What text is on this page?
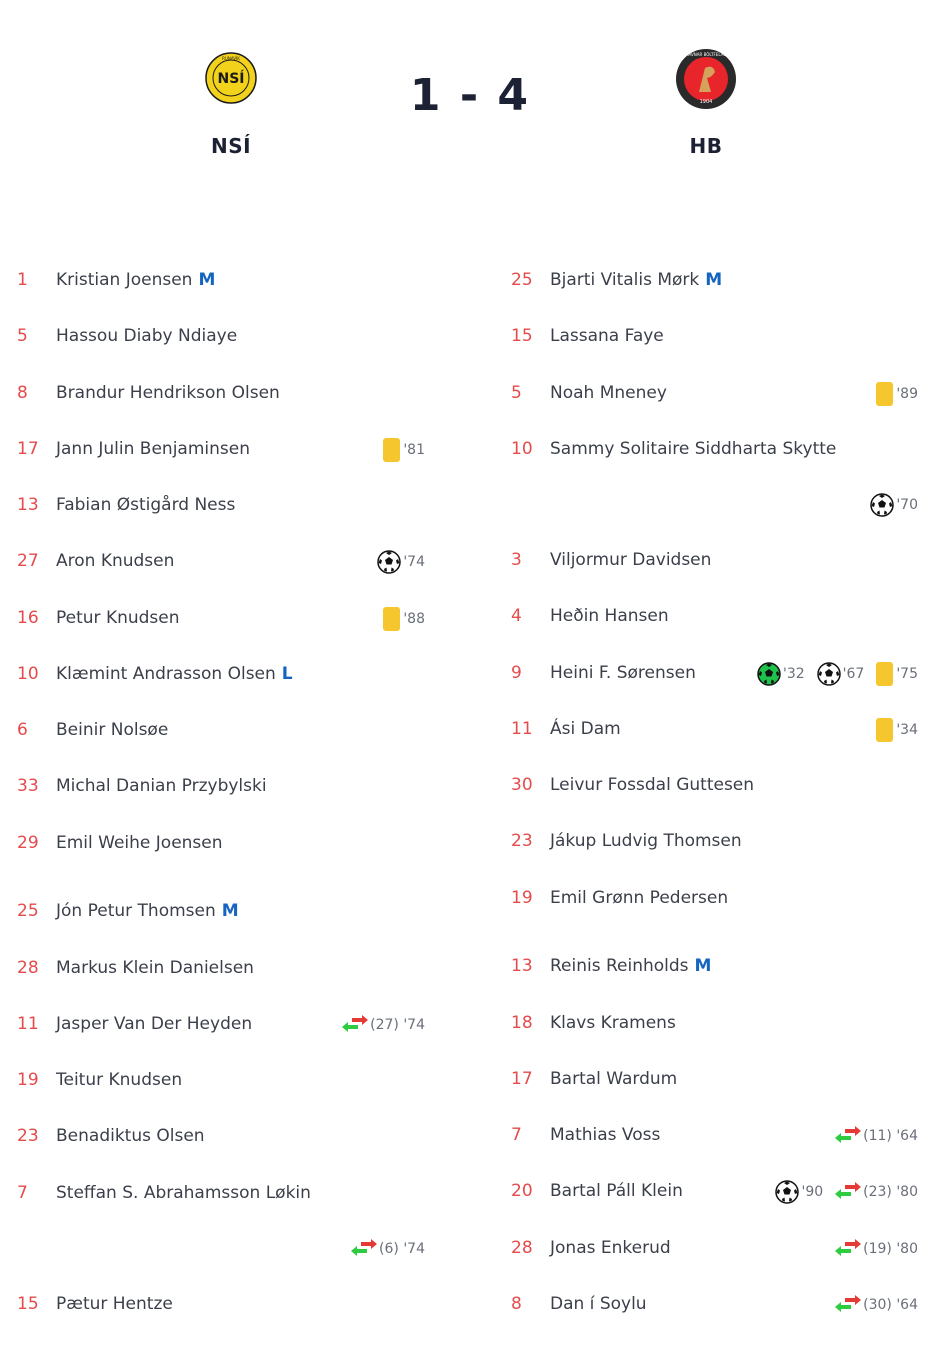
NSÍ
RUNAVÍK
NSÍ
1 - 4	1904
HAVNAR BÓLTFELAG
HB
1 Kristian Joensen M
5 Hassou Diaby Ndiaye
8 Brandur Hendrikson Olsen
17 Jann Julin Benjaminsen	'81
13 Fabian Østigård Ness
27 Aron Knudsen	'74
16 Petur Knudsen	'88
10 Klæmint Andrasson Olsen L
6 Beinir Nolsøe
33 Michal Danian Przybylski
29 Emil Weihe Joensen
25 Jón Petur Thomsen M
28 Markus Klein Danielsen
11 Jasper Van Der Heyden	(27) '74
19 Teitur Knudsen
23 Benadiktus Olsen
7 Steffan S. Abrahamsson Løkin
(6) '74
15 Pætur Hentze
25 Bjarti Vitalis Mørk M
15 Lassana Faye
5 Noah Mneney	'89
10 Sammy Solitaire Siddharta Skytte
'70
3 Viljormur Davidsen
4 Heðin Hansen
9 Heini F. Sørensen	'32	'67 '75
11 Ási Dam	'34
30 Leivur Fossdal Guttesen
23 Jákup Ludvig Thomsen
19 Emil Grønn Pedersen
13 Reinis Reinholds M
18 Klavs Kramens
17 Bartal Wardum
7 Mathias Voss	(11) '64
20 Bartal Páll Klein	'90	(23) '80
28 Jonas Enkerud	(19) '80
8 Dan í Soylu	(30) '64
